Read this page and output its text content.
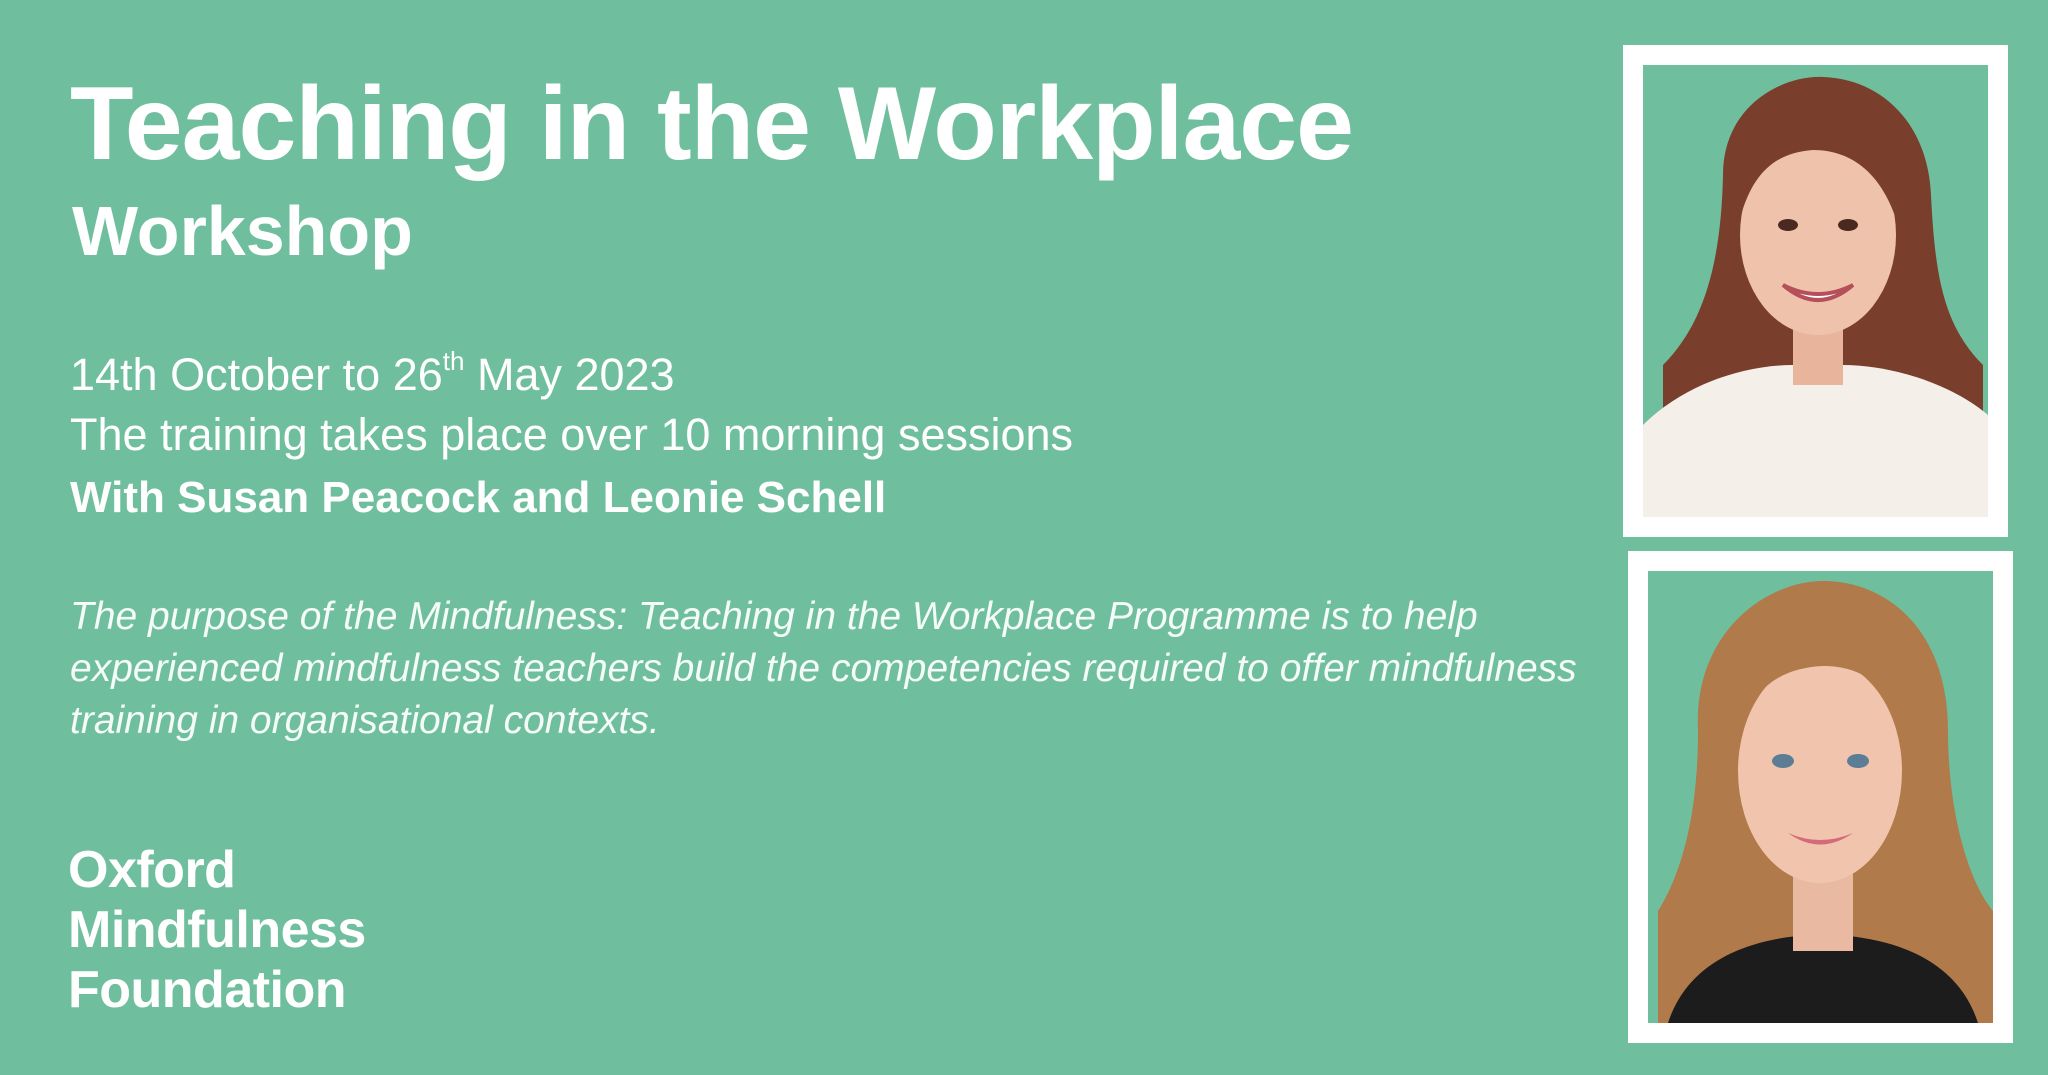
Teaching in the Workplace
Workshop
14th October to 26th May 2023
The training takes place over 10 morning sessions
With Susan Peacock and Leonie Schell
The purpose of the Mindfulness: Teaching in the Workplace Programme is to help experienced mindfulness teachers build the competencies required to offer mindfulness training in organisational contexts.
Oxford
Mindfulness
Foundation
